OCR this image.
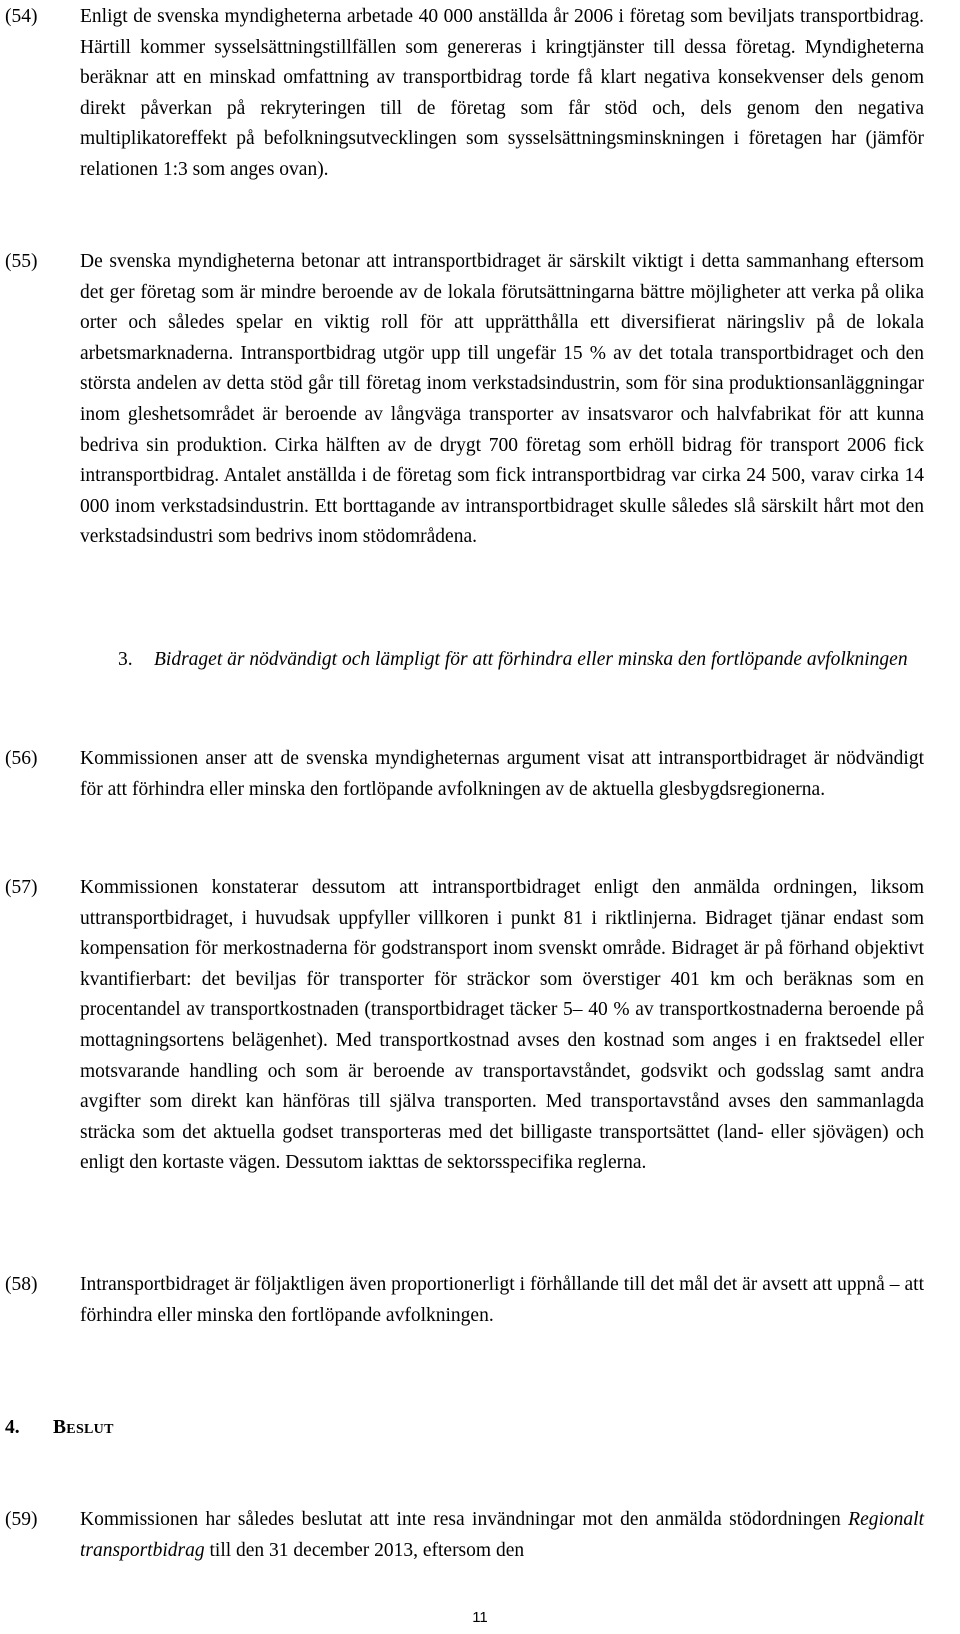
(54) Enligt de svenska myndigheterna arbetade 40 000 anställda år 2006 i företag som beviljats transportbidrag. Härtill kommer sysselsättningstillfällen som genereras i kringtjänster till dessa företag. Myndigheterna beräknar att en minskad omfattning av transportbidrag torde få klart negativa konsekvenser dels genom direkt påverkan på rekryteringen till de företag som får stöd och, dels genom den negativa multiplikatoreffekt på befolkningsutvecklingen som sysselsättningsminskningen i företagen har (jämför relationen 1:3 som anges ovan).
(55) De svenska myndigheterna betonar att intransportbidraget är särskilt viktigt i detta sammanhang eftersom det ger företag som är mindre beroende av de lokala förutsättningarna bättre möjligheter att verka på olika orter och således spelar en viktig roll för att upprätthålla ett diversifierat näringsliv på de lokala arbetsmarknaderna. Intransportbidrag utgör upp till ungefär 15 % av det totala transportbidraget och den största andelen av detta stöd går till företag inom verkstadsindustrin, som för sina produktionsanläggningar inom gleshetsområdet är beroende av långväga transporter av insatsvaror och halvfabrikat för att kunna bedriva sin produktion. Cirka hälften av de drygt 700 företag som erhöll bidrag för transport 2006 fick intransportbidrag. Antalet anställda i de företag som fick intransportbidrag var cirka 24 500, varav cirka 14 000 inom verkstadsindustrin. Ett borttagande av intransportbidraget skulle således slå särskilt hårt mot den verkstadsindustri som bedrivs inom stödområdena.
3. Bidraget är nödvändigt och lämpligt för att förhindra eller minska den fortlöpande avfolkningen
(56) Kommissionen anser att de svenska myndigheternas argument visat att intransportbidraget är nödvändigt för att förhindra eller minska den fortlöpande avfolkningen av de aktuella glesbygdsregionerna.
(57) Kommissionen konstaterar dessutom att intransportbidraget enligt den anmälda ordningen, liksom uttransportbidraget, i huvudsak uppfyller villkoren i punkt 81 i riktlinjerna. Bidraget tjänar endast som kompensation för merkostnaderna för godstransport inom svenskt område. Bidraget är på förhand objektivt kvantifierbart: det beviljas för transporter för sträckor som överstiger 401 km och beräknas som en procentandel av transportkostnaden (transportbidraget täcker 5– 40 % av transportkostnaderna beroende på mottagningsortens belägenhet). Med transportkostnad avses den kostnad som anges i en fraktsedel eller motsvarande handling och som är beroende av transportavståndet, godsvikt och godsslag samt andra avgifter som direkt kan hänföras till själva transporten. Med transportavstånd avses den sammanlagda sträcka som det aktuella godset transporteras med det billigaste transportsättet (land- eller sjövägen) och enligt den kortaste vägen. Dessutom iakttas de sektorsspecifika reglerna.
(58) Intransportbidraget är följaktligen även proportionerligt i förhållande till det mål det är avsett att uppnå – att förhindra eller minska den fortlöpande avfolkningen.
4. Beslut
(59) Kommissionen har således beslutat att inte resa invändningar mot den anmälda stödordningen Regionalt transportbidrag till den 31 december 2013, eftersom den
11
